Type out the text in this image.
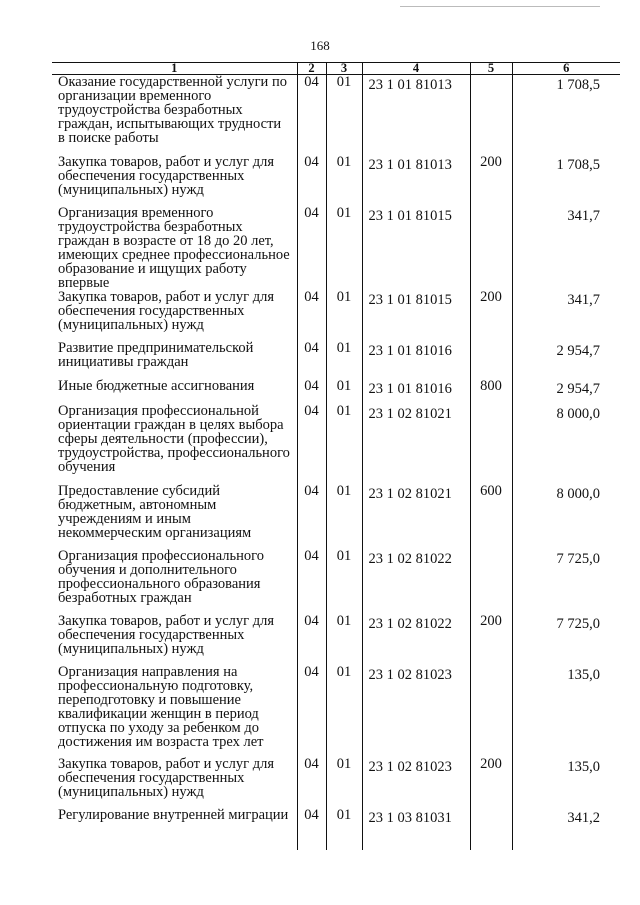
168
1	2	3	4	5	6
Оказание государственной услуги по организации временного трудоустройства безработных граждан, испытывающих трудности в поиске работы	04	01	23 1 01 81013		1 708,5
Закупка товаров, работ и услуг для обеспечения государственных (муниципальных) нужд	04	01	23 1 01 81013	200	1 708,5
Организация временного трудоустройства безработных граждан в возрасте от 18 до 20 лет, имеющих среднее профессиональное образование и ищущих работу впервые	04	01	23 1 01 81015		341,7
Закупка товаров, работ и услуг для обеспечения государственных (муниципальных) нужд	04	01	23 1 01 81015	200	341,7
Развитие предпринимательской инициативы граждан	04	01	23 1 01 81016		2 954,7
Иные бюджетные ассигнования	04	01	23 1 01 81016	800	2 954,7
Организация профессиональной ориентации граждан в целях выбора сферы деятельности (профессии), трудоустройства, профессионального обучения	04	01	23 1 02 81021		8 000,0
Предоставление субсидий бюджетным, автономным учреждениям и иным некоммерческим организациям	04	01	23 1 02 81021	600	8 000,0
Организация профессионального обучения и дополнительного профессионального образования безработных граждан	04	01	23 1 02 81022		7 725,0
Закупка товаров, работ и услуг для обеспечения государственных (муниципальных) нужд	04	01	23 1 02 81022	200	7 725,0
Организация направления на профессиональную подготовку, переподготовку и повышение квалификации женщин в период отпуска по уходу за ребенком до достижения им возраста трех лет	04	01	23 1 02 81023		135,0
Закупка товаров, работ и услуг для обеспечения государственных (муниципальных) нужд	04	01	23 1 02 81023	200	135,0
Регулирование внутренней миграции	04	01	23 1 03 81031		341,2
